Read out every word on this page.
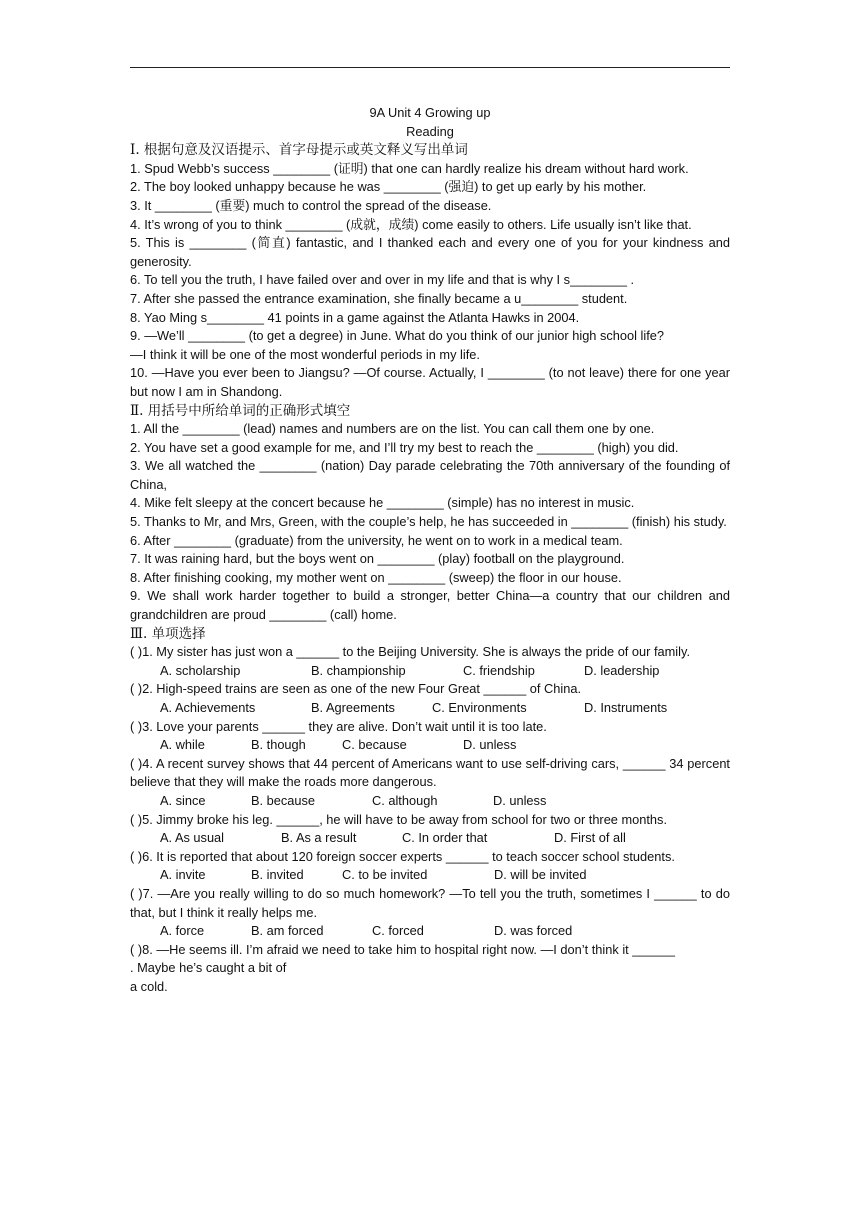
9A Unit 4 Growing up
Reading
Ⅰ. 根据句意及汉语提示、首字母提示或英文释义写出单词
1. Spud Webb’s success ________ (证明) that one can hardly realize his dream without hard work.
2. The boy looked unhappy because he was ________ (强迫) to get up early by his mother.
3. It ________ (重要) much to control the spread of the disease.
4. It’s wrong of you to think ________ (成就，成绩) come easily to others. Life usually isn’t like that.
5. This is ________ (简直) fantastic, and I thanked each and every one of you for your kindness and generosity.
6. To tell you the truth, I have failed over and over in my life and that is why I s________ .
7. After she passed the entrance examination, she finally became a u________ student.
8. Yao Ming s________ 41 points in a game against the Atlanta Hawks in 2004.
9. —We’ll ________ (to get a degree) in June. What do you think of our junior high school life?
—I think it will be one of the most wonderful periods in my life.
10. —Have you ever been to Jiangsu? —Of course. Actually, I ________ (to not leave) there for one year but now I am in Shandong.
Ⅱ. 用括号中所给单词的正确形式填空
1. All the ________ (lead) names and numbers are on the list. You can call them one by one.
2. You have set a good example for me, and I’ll try my best to reach the ________ (high) you did.
3. We all watched the ________ (nation) Day parade celebrating the 70th anniversary of the founding of China,
4. Mike felt sleepy at the concert because he ________ (simple) has no interest in music.
5. Thanks to Mr, and Mrs, Green, with the couple’s help, he has succeeded in ________ (finish) his study.
6. After ________ (graduate) from the university, he went on to work in a medical team.
7. It was raining hard, but the boys went on ________ (play) football on the playground.
8. After finishing cooking, my mother went on ________ (sweep) the floor in our house.
9. We shall work harder together to build a stronger, better China—a country that our children and grandchildren are proud ________ (call) home.
Ⅲ. 单项选择
( )1. My sister has just won a ______ to the Beijing University. She is always the pride of our family.
A. scholarship	B. championship	C. friendship	D. leadership
( )2. High-speed trains are seen as one of the new Four Great ______ of China.
A. Achievements	B. Agreements	C. Environments	D. Instruments
( )3. Love your parents ______ they are alive. Don’t wait until it is too late.
A. while	B. though	C. because	D. unless
( )4. A recent survey shows that 44 percent of Americans want to use self-driving cars, ______ 34 percent believe that they will make the roads more dangerous.
A. since	B. because	C. although	D. unless
( )5. Jimmy broke his leg. ______, he will have to be away from school for two or three months.
A. As usual	B. As a result	C. In order that	D. First of all
( )6. It is reported that about 120 foreign soccer experts ______ to teach soccer school students.
A. invite	B. invited	C. to be invited	D. will be invited
( )7. —Are you really willing to do so much homework? —To tell you the truth, sometimes I ______ to do that, but I think it really helps me.
A. force	B. am forced	C. forced	D. was forced
( )8. —He seems ill. I’m afraid we need to take him to hospital right now. —I don’t think it ______ . Maybe he’s caught a bit of
a cold.
